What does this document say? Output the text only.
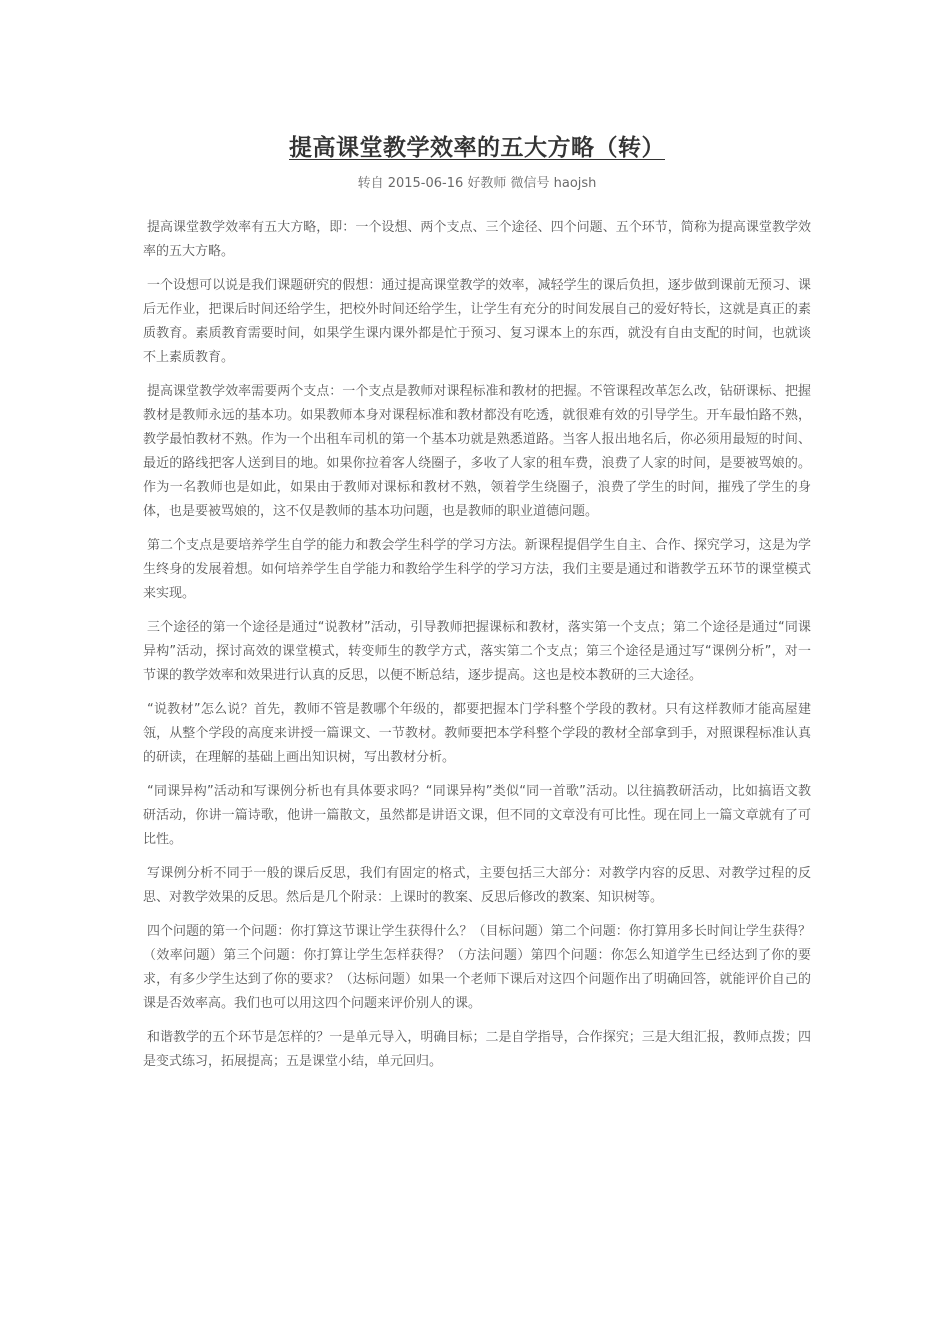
提高课堂教学效率的五大方略（转）
转自 2015-06-16 好教师 微信号 haojsh

提高课堂教学效率有五大方略，即：一个设想、两个支点、三个途径、四个问题、五个环节，简称为提高课堂教学效率的五大方略。

一个设想可以说是我们课题研究的假想：通过提高课堂教学的效率，减轻学生的课后负担，逐步做到课前无预习、课后无作业，把课后时间还给学生，把校外时间还给学生，让学生有充分的时间发展自己的爱好特长，这就是真正的素质教育。素质教育需要时间，如果学生课内课外都是忙于预习、复习课本上的东西，就没有自由支配的时间，也就谈不上素质教育。

提高课堂教学效率需要两个支点：一个支点是教师对课程标准和教材的把握。不管课程改革怎么改，钻研课标、把握教材是教师永远的基本功。如果教师本身对课程标准和教材都没有吃透，就很难有效的引导学生。开车最怕路不熟，教学最怕教材不熟。作为一个出租车司机的第一个基本功就是熟悉道路。当客人报出地名后，你必须用最短的时间、最近的路线把客人送到目的地。如果你拉着客人绕圈子，多收了人家的租车费，浪费了人家的时间，是要被骂娘的。作为一名教师也是如此，如果由于教师对课标和教材不熟，领着学生绕圈子，浪费了学生的时间，摧残了学生的身体，也是要被骂娘的，这不仅是教师的基本功问题，也是教师的职业道德问题。

第二个支点是要培养学生自学的能力和教会学生科学的学习方法。新课程提倡学生自主、合作、探究学习，这是为学生终身的发展着想。如何培养学生自学能力和教给学生科学的学习方法，我们主要是通过和谐教学五环节的课堂模式来实现。

三个途径的第一个途径是通过“说教材”活动，引导教师把握课标和教材，落实第一个支点；第二个途径是通过“同课异构”活动，探讨高效的课堂模式，转变师生的教学方式，落实第二个支点；第三个途径是通过写“课例分析”，对一节课的教学效率和效果进行认真的反思，以便不断总结，逐步提高。这也是校本教研的三大途径。

“说教材”怎么说？首先，教师不管是教哪个年级的，都要把握本门学科整个学段的教材。只有这样教师才能高屋建瓴，从整个学段的高度来讲授一篇课文、一节教材。教师要把本学科整个学段的教材全部拿到手，对照课程标准认真的研读，在理解的基础上画出知识树，写出教材分析。

“同课异构”活动和写课例分析也有具体要求吗？“同课异构”类似“同一首歌”活动。以往搞教研活动，比如搞语文教研活动，你讲一篇诗歌，他讲一篇散文，虽然都是讲语文课，但不同的文章没有可比性。现在同上一篇文章就有了可比性。

写课例分析不同于一般的课后反思，我们有固定的格式，主要包括三大部分：对教学内容的反思、对教学过程的反思、对教学效果的反思。然后是几个附录：上课时的教案、反思后修改的教案、知识树等。

四个问题的第一个问题：你打算这节课让学生获得什么？（目标问题）第二个问题：你打算用多长时间让学生获得？（效率问题）第三个问题：你打算让学生怎样获得？（方法问题）第四个问题：你怎么知道学生已经达到了你的要求，有多少学生达到了你的要求？（达标问题）如果一个老师下课后对这四个问题作出了明确回答，就能评价自己的课是否效率高。我们也可以用这四个问题来评价别人的课。

和谐教学的五个环节是怎样的？一是单元导入，明确目标；二是自学指导，合作探究；三是大组汇报，教师点拨；四是变式练习，拓展提高；五是课堂小结，单元回归。
